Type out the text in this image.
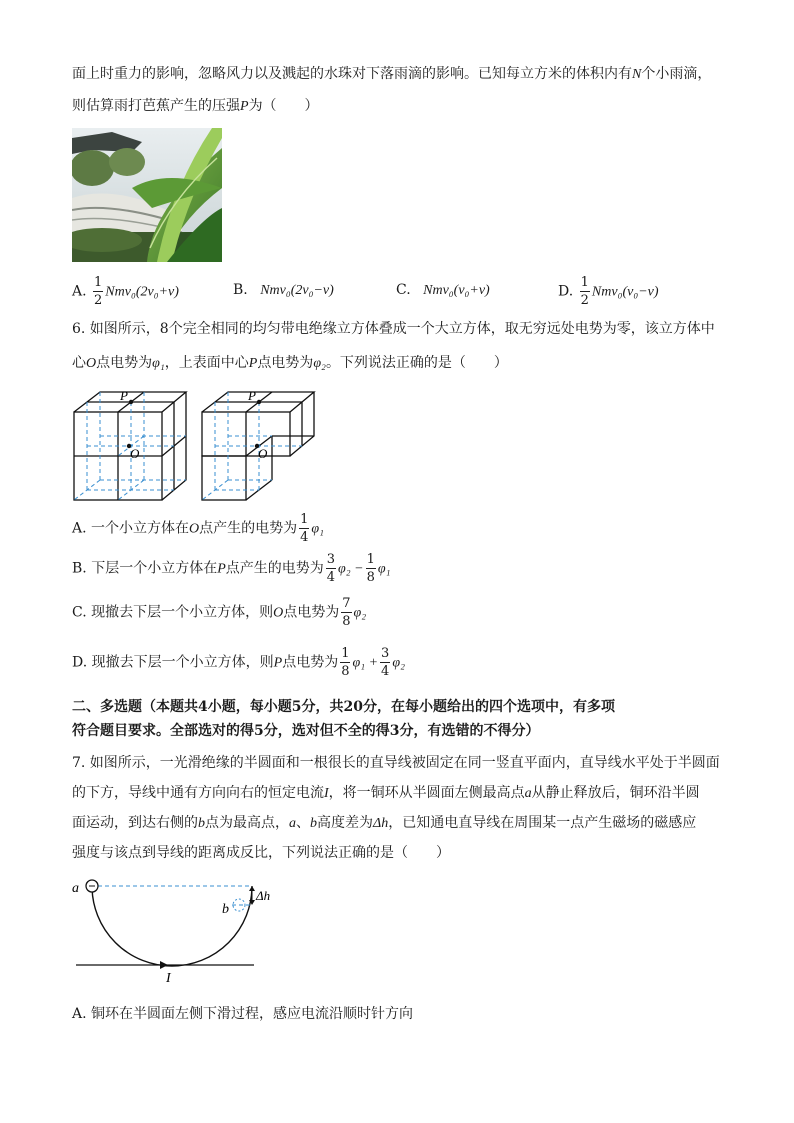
面上时重力的影响，忽略风力以及溅起的水珠对下落雨滴的影响。已知每立方米的体积内有N个小雨滴，
则估算雨打芭蕉产生的压强P为（　　）
A. $\frac{1}{2} Nmv_0(2v_0+v)$	B. Nmv₀(2v₀−v)	C. Nmv₀(v₀+v)	D. $\frac{1}{2} Nmv_0(v_0-v)$
6. 如图所示，8个完全相同的均匀带电绝缘立方体叠成一个大立方体，取无穷远处电势为零，该立方体中
心O点电势为φ₁，上表面中心P点电势为φ₂。下列说法正确的是（　　）
P
O
P
O
A. 一个小立方体在O点产生的电势为 $\frac{1}{4} \varphi_1$
B. 下层一个小立方体在P点产生的电势为 $\frac{3}{4} \varphi_2 - \frac{1}{8} \varphi_1$
C. 现撤去下层一个小立方体，则O点电势为 $\frac{7}{8} \varphi_2$
D. 现撤去下层一个小立方体，则P点电势为 $\frac{1}{8} \varphi_1 + \frac{3}{4} \varphi_2$
二、多选题（本题共4小题，每小题5分，共20分，在每小题给出的四个选项中，有多项
符合题目要求。全部选对的得5分，选对但不全的得3分，有选错的不得分）
7. 如图所示，一光滑绝缘的半圆面和一根很长的直导线被固定在同一竖直平面内，直导线水平处于半圆面
的下方，导线中通有方向向右的恒定电流I，将一铜环从半圆面左侧最高点a从静止释放后，铜环沿半圆
面运动，到达右侧的b点为最高点，a、b高度差为Δh，已知通电直导线在周围某一点产生磁场的磁感应
强度与该点到导线的距离成反比，下列说法正确的是（　　）
Δh
a
b
I
A. 铜环在半圆面左侧下滑过程，感应电流沿顺时针方向
